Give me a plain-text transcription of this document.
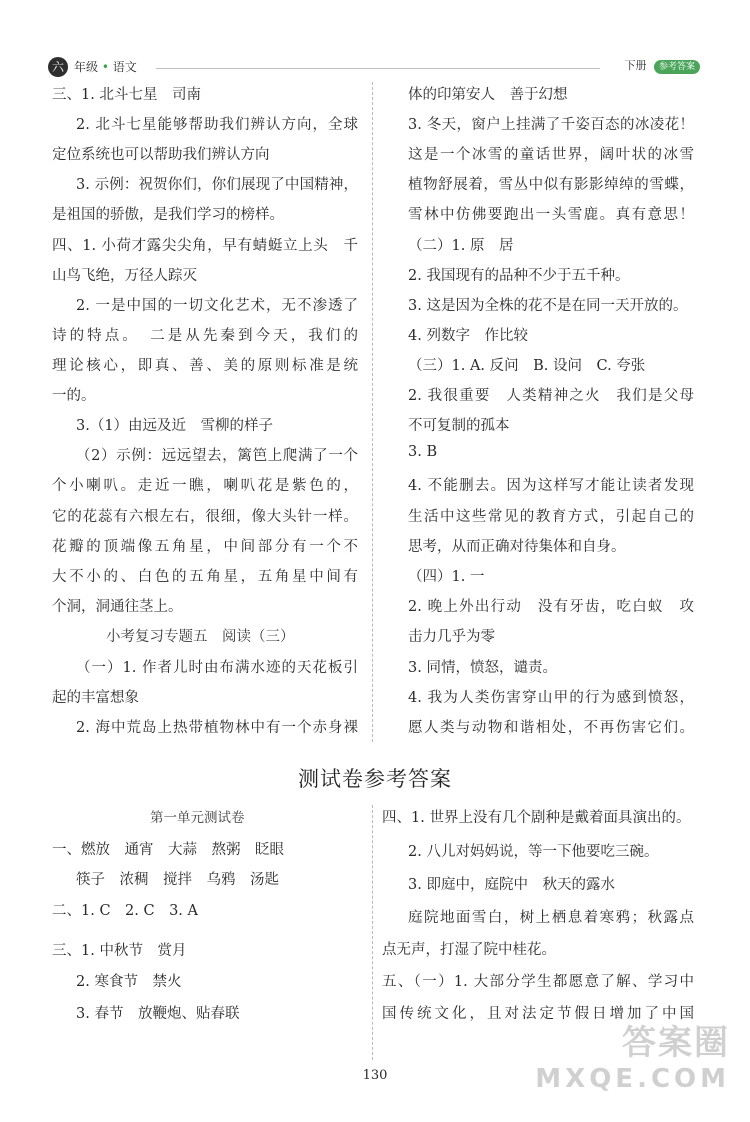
六 年级 • 语文	下册 参考答案
三、1. 北斗七星　司南
2. 北斗七星能够帮助我们辨认方向，全球
定位系统也可以帮助我们辨认方向
3. 示例：祝贺你们，你们展现了中国精神，
是祖国的骄傲，是我们学习的榜样。
四、1. 小荷才露尖尖角，早有蜻蜓立上头　千
山鸟飞绝，万径人踪灭
2. 一是中国的一切文化艺术，无不渗透了
诗的特点。　二是从先秦到今天，我们的
理论核心，即真、善、美的原则标准是统
一的。
3.（1）由远及近　雪柳的样子
（2）示例：远远望去，篱笆上爬满了一个
个小喇叭。走近一瞧，喇叭花是紫色的，
它的花蕊有六根左右，很细，像大头针一样。
花瓣的顶端像五角星，中间部分有一个不
大不小的、白色的五角星，五角星中间有
个洞，洞通往茎上。
小考复习专题五　阅读（三）
（一）1. 作者儿时由布满水迹的天花板引
起的丰富想象
2. 海中荒岛上热带植物林中有一个赤身裸
体的印第安人　善于幻想
3. 冬天，窗户上挂满了千姿百态的冰凌花！
这是一个冰雪的童话世界，阔叶状的冰雪
植物舒展着，雪丛中似有影影绰绰的雪蝶，
雪林中仿佛要跑出一头雪鹿。真有意思！
（二）1. 原　居
2. 我国现有的品种不少于五千种。
3. 这是因为全株的花不是在同一天开放的。
4. 列数字　作比较
（三）1. A. 反问　B. 设问　C. 夸张
2. 我很重要　人类精神之火　我们是父母
不可复制的孤本
3. B
4. 不能删去。因为这样写才能让读者发现
生活中这些常见的教育方式，引起自己的
思考，从而正确对待集体和自身。
（四）1. 一
2. 晚上外出行动　没有牙齿，吃白蚁　攻
击力几乎为零
3. 同情，愤怒，谴责。
4. 我为人类伤害穿山甲的行为感到愤怒，
愿人类与动物和谐相处，不再伤害它们。
测试卷参考答案
第一单元测试卷
一、燃放　通宵　大蒜　熬粥　眨眼
筷子　浓稠　搅拌　乌鸦　汤匙
二、1. C　2. C　3. A
三、1. 中秋节　赏月
2. 寒食节　禁火
3. 春节　放鞭炮、贴春联
四、1. 世界上没有几个剧种是戴着面具演出的。
2. 八儿对妈妈说，等一下他要吃三碗。
3. 即庭中，庭院中　秋天的露水
庭院地面雪白，树上栖息着寒鸦；秋露点
点无声，打湿了院中桂花。
五、（一）1. 大部分学生都愿意了解、学习中
国传统文化，且对法定节假日增加了中国
130
答案圈
MXQE.COM
